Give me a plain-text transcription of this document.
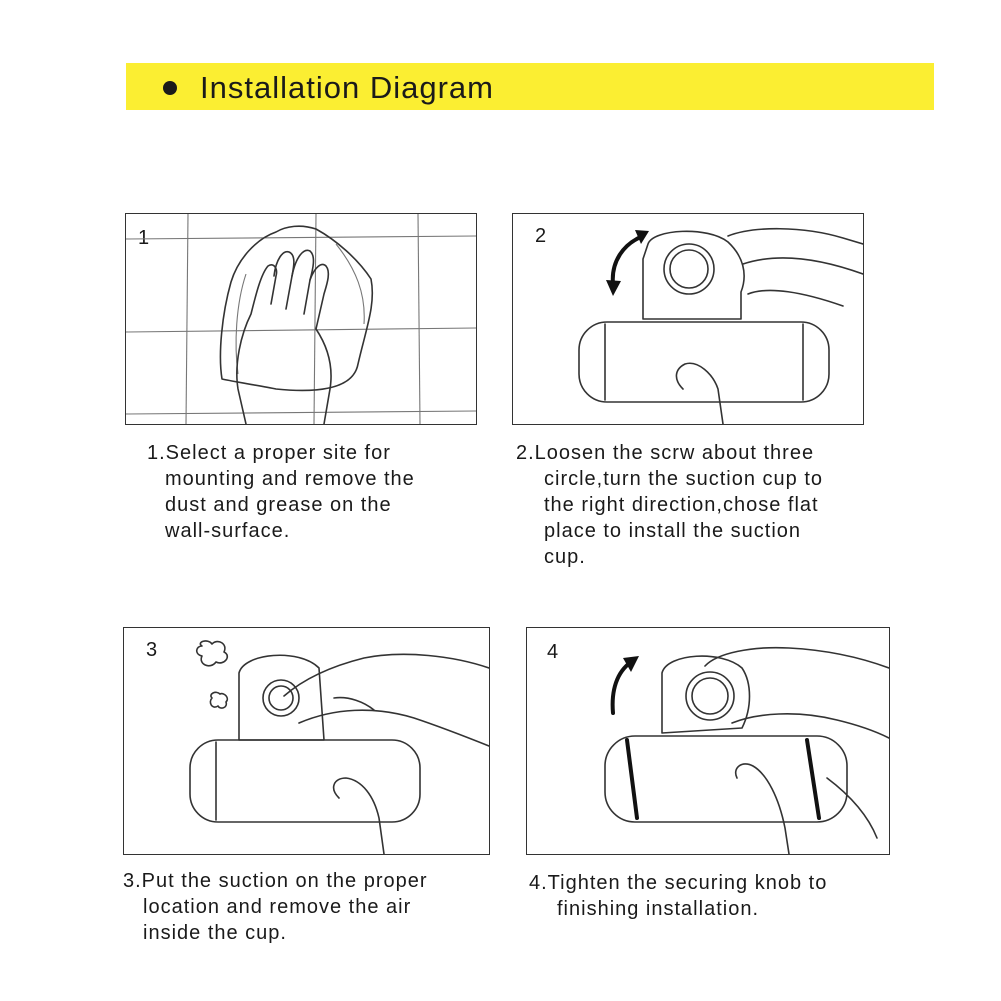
Installation Diagram
1
1.Select a proper site for
mounting and remove the
dust and grease on the
wall-surface.
2
2.Loosen the scrw about three
circle,turn the suction cup to
the right direction,chose flat
place to install the suction
cup.
3
3.Put the suction on the proper
location and remove the air
inside the cup.
4
4.Tighten the securing knob to
finishing installation.
